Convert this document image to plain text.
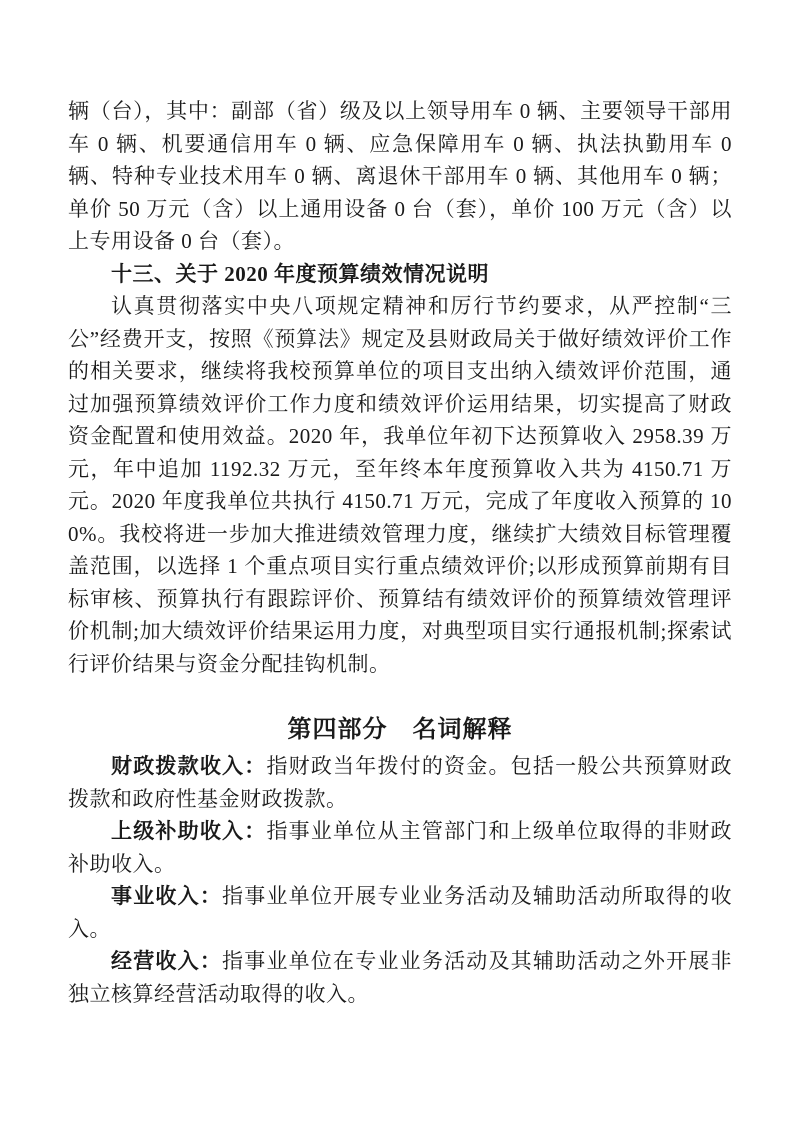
辆（台），其中：副部（省）级及以上领导用车 0 辆、主要领导干部用车 0 辆、机要通信用车 0 辆、应急保障用车 0 辆、执法执勤用车 0 辆、特种专业技术用车 0 辆、离退休干部用车 0 辆、其他用车 0 辆；单价 50 万元（含）以上通用设备 0 台（套），单价 100 万元（含）以上专用设备 0 台（套）。

十三、关于 2020 年度预算绩效情况说明

认真贯彻落实中央八项规定精神和厉行节约要求，从严控制“三公”经费开支，按照《预算法》规定及县财政局关于做好绩效评价工作的相关要求，继续将我校预算单位的项目支出纳入绩效评价范围，通过加强预算绩效评价工作力度和绩效评价运用结果，切实提高了财政资金配置和使用效益。2020 年，我单位年初下达预算收入 2958.39 万元，年中追加 1192.32 万元，至年终本年度预算收入共为 4150.71 万元。2020 年度我单位共执行 4150.71 万元，完成了年度收入预算的 100%。我校将进一步加大推进绩效管理力度，继续扩大绩效目标管理覆盖范围，以选择 1 个重点项目实行重点绩效评价;以形成预算前期有目标审核、预算执行有跟踪评价、预算结有绩效评价的预算绩效管理评价机制;加大绩效评价结果运用力度，对典型项目实行通报机制;探索试行评价结果与资金分配挂钩机制。

第四部分　名词解释

财政拨款收入：指财政当年拨付的资金。包括一般公共预算财政拨款和政府性基金财政拨款。

上级补助收入：指事业单位从主管部门和上级单位取得的非财政补助收入。

事业收入：指事业单位开展专业业务活动及辅助活动所取得的收入。

经营收入：指事业单位在专业业务活动及其辅助活动之外开展非独立核算经营活动取得的收入。
